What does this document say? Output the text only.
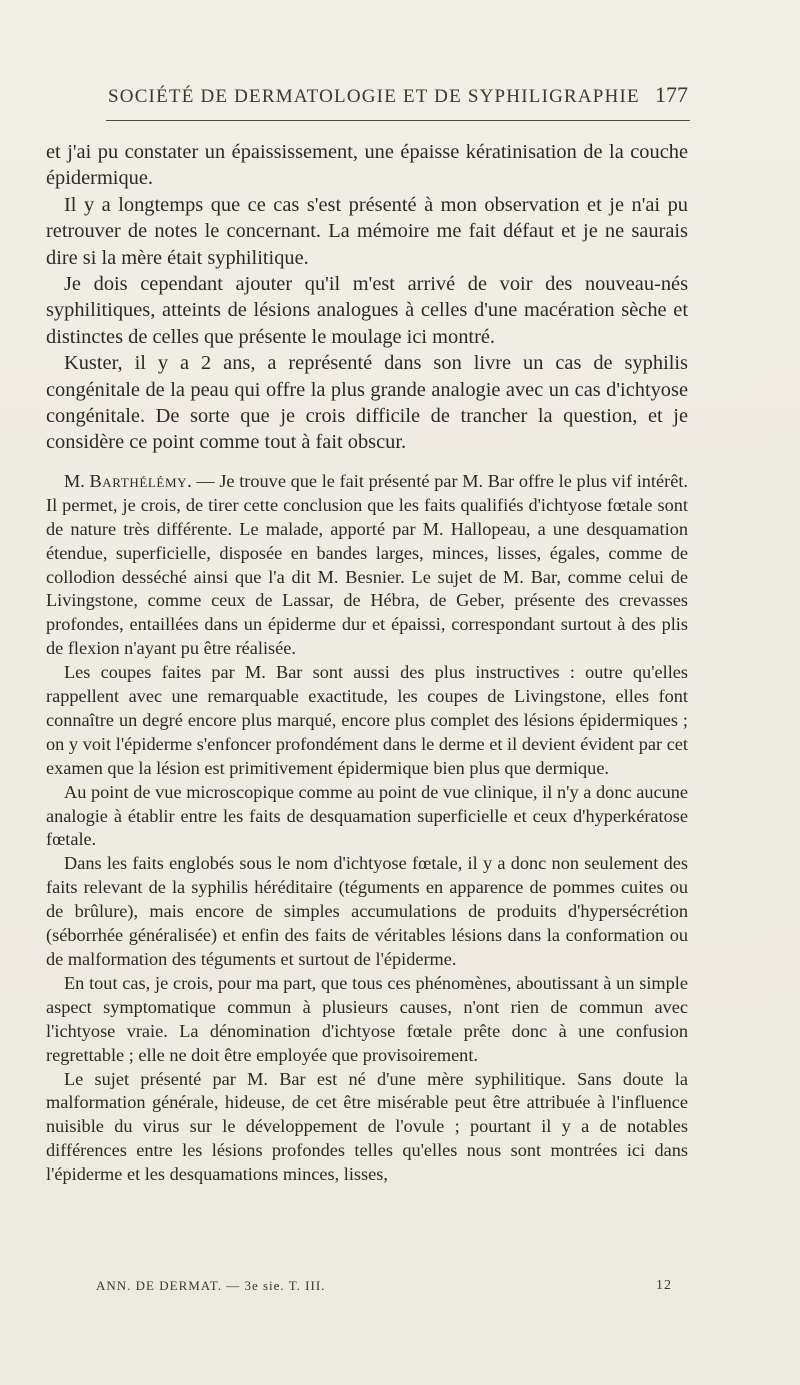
SOCIÉTÉ DE DERMATOLOGIE ET DE SYPHILIGRAPHIE 177

et j'ai pu constater un épaississement, une épaisse kératinisation de la couche épidermique.

Il y a longtemps que ce cas s'est présenté à mon observation et je n'ai pu retrouver de notes le concernant. La mémoire me fait défaut et je ne saurais dire si la mère était syphilitique.

Je dois cependant ajouter qu'il m'est arrivé de voir des nouveau-nés syphilitiques, atteints de lésions analogues à celles d'une macération sèche et distinctes de celles que présente le moulage ici montré.

Kuster, il y a 2 ans, a représenté dans son livre un cas de syphilis congénitale de la peau qui offre la plus grande analogie avec un cas d'ichtyose congénitale. De sorte que je crois difficile de trancher la question, et je considère ce point comme tout à fait obscur.

M. Barthélémy. — Je trouve que le fait présenté par M. Bar offre le plus vif intérêt. Il permet, je crois, de tirer cette conclusion que les faits qualifiés d'ichtyose fœtale sont de nature très différente. Le malade, apporté par M. Hallopeau, a une desquamation étendue, superficielle, disposée en bandes larges, minces, lisses, égales, comme de collodion desséché ainsi que l'a dit M. Besnier. Le sujet de M. Bar, comme celui de Livingstone, comme ceux de Lassar, de Hébra, de Geber, présente des crevasses profondes, entaillées dans un épiderme dur et épaissi, correspondant surtout à des plis de flexion n'ayant pu être réalisée.

Les coupes faites par M. Bar sont aussi des plus instructives : outre qu'elles rappellent avec une remarquable exactitude, les coupes de Livingstone, elles font connaître un degré encore plus marqué, encore plus complet des lésions épidermiques ; on y voit l'épiderme s'enfoncer profondément dans le derme et il devient évident par cet examen que la lésion est primitivement épidermique bien plus que dermique.

Au point de vue microscopique comme au point de vue clinique, il n'y a donc aucune analogie à établir entre les faits de desquamation superficielle et ceux d'hyperkératose fœtale.

Dans les faits englobés sous le nom d'ichtyose fœtale, il y a donc non seulement des faits relevant de la syphilis héréditaire (téguments en apparence de pommes cuites ou de brûlure), mais encore de simples accumulations de produits d'hypersécrétion (séborrhée généralisée) et enfin des faits de véritables lésions dans la conformation ou de malformation des téguments et surtout de l'épiderme.

En tout cas, je crois, pour ma part, que tous ces phénomènes, aboutissant à un simple aspect symptomatique commun à plusieurs causes, n'ont rien de commun avec l'ichtyose vraie. La dénomination d'ichtyose fœtale prête donc à une confusion regrettable ; elle ne doit être employée que provisoirement.

Le sujet présenté par M. Bar est né d'une mère syphilitique. Sans doute la malformation générale, hideuse, de cet être misérable peut être attribuée à l'influence nuisible du virus sur le développement de l'ovule ; pourtant il y a de notables différences entre les lésions profondes telles qu'elles nous sont montrées ici dans l'épiderme et les desquamations minces, lisses,

ANN. DE DERMAT. — 3e sie. T. III.	12
